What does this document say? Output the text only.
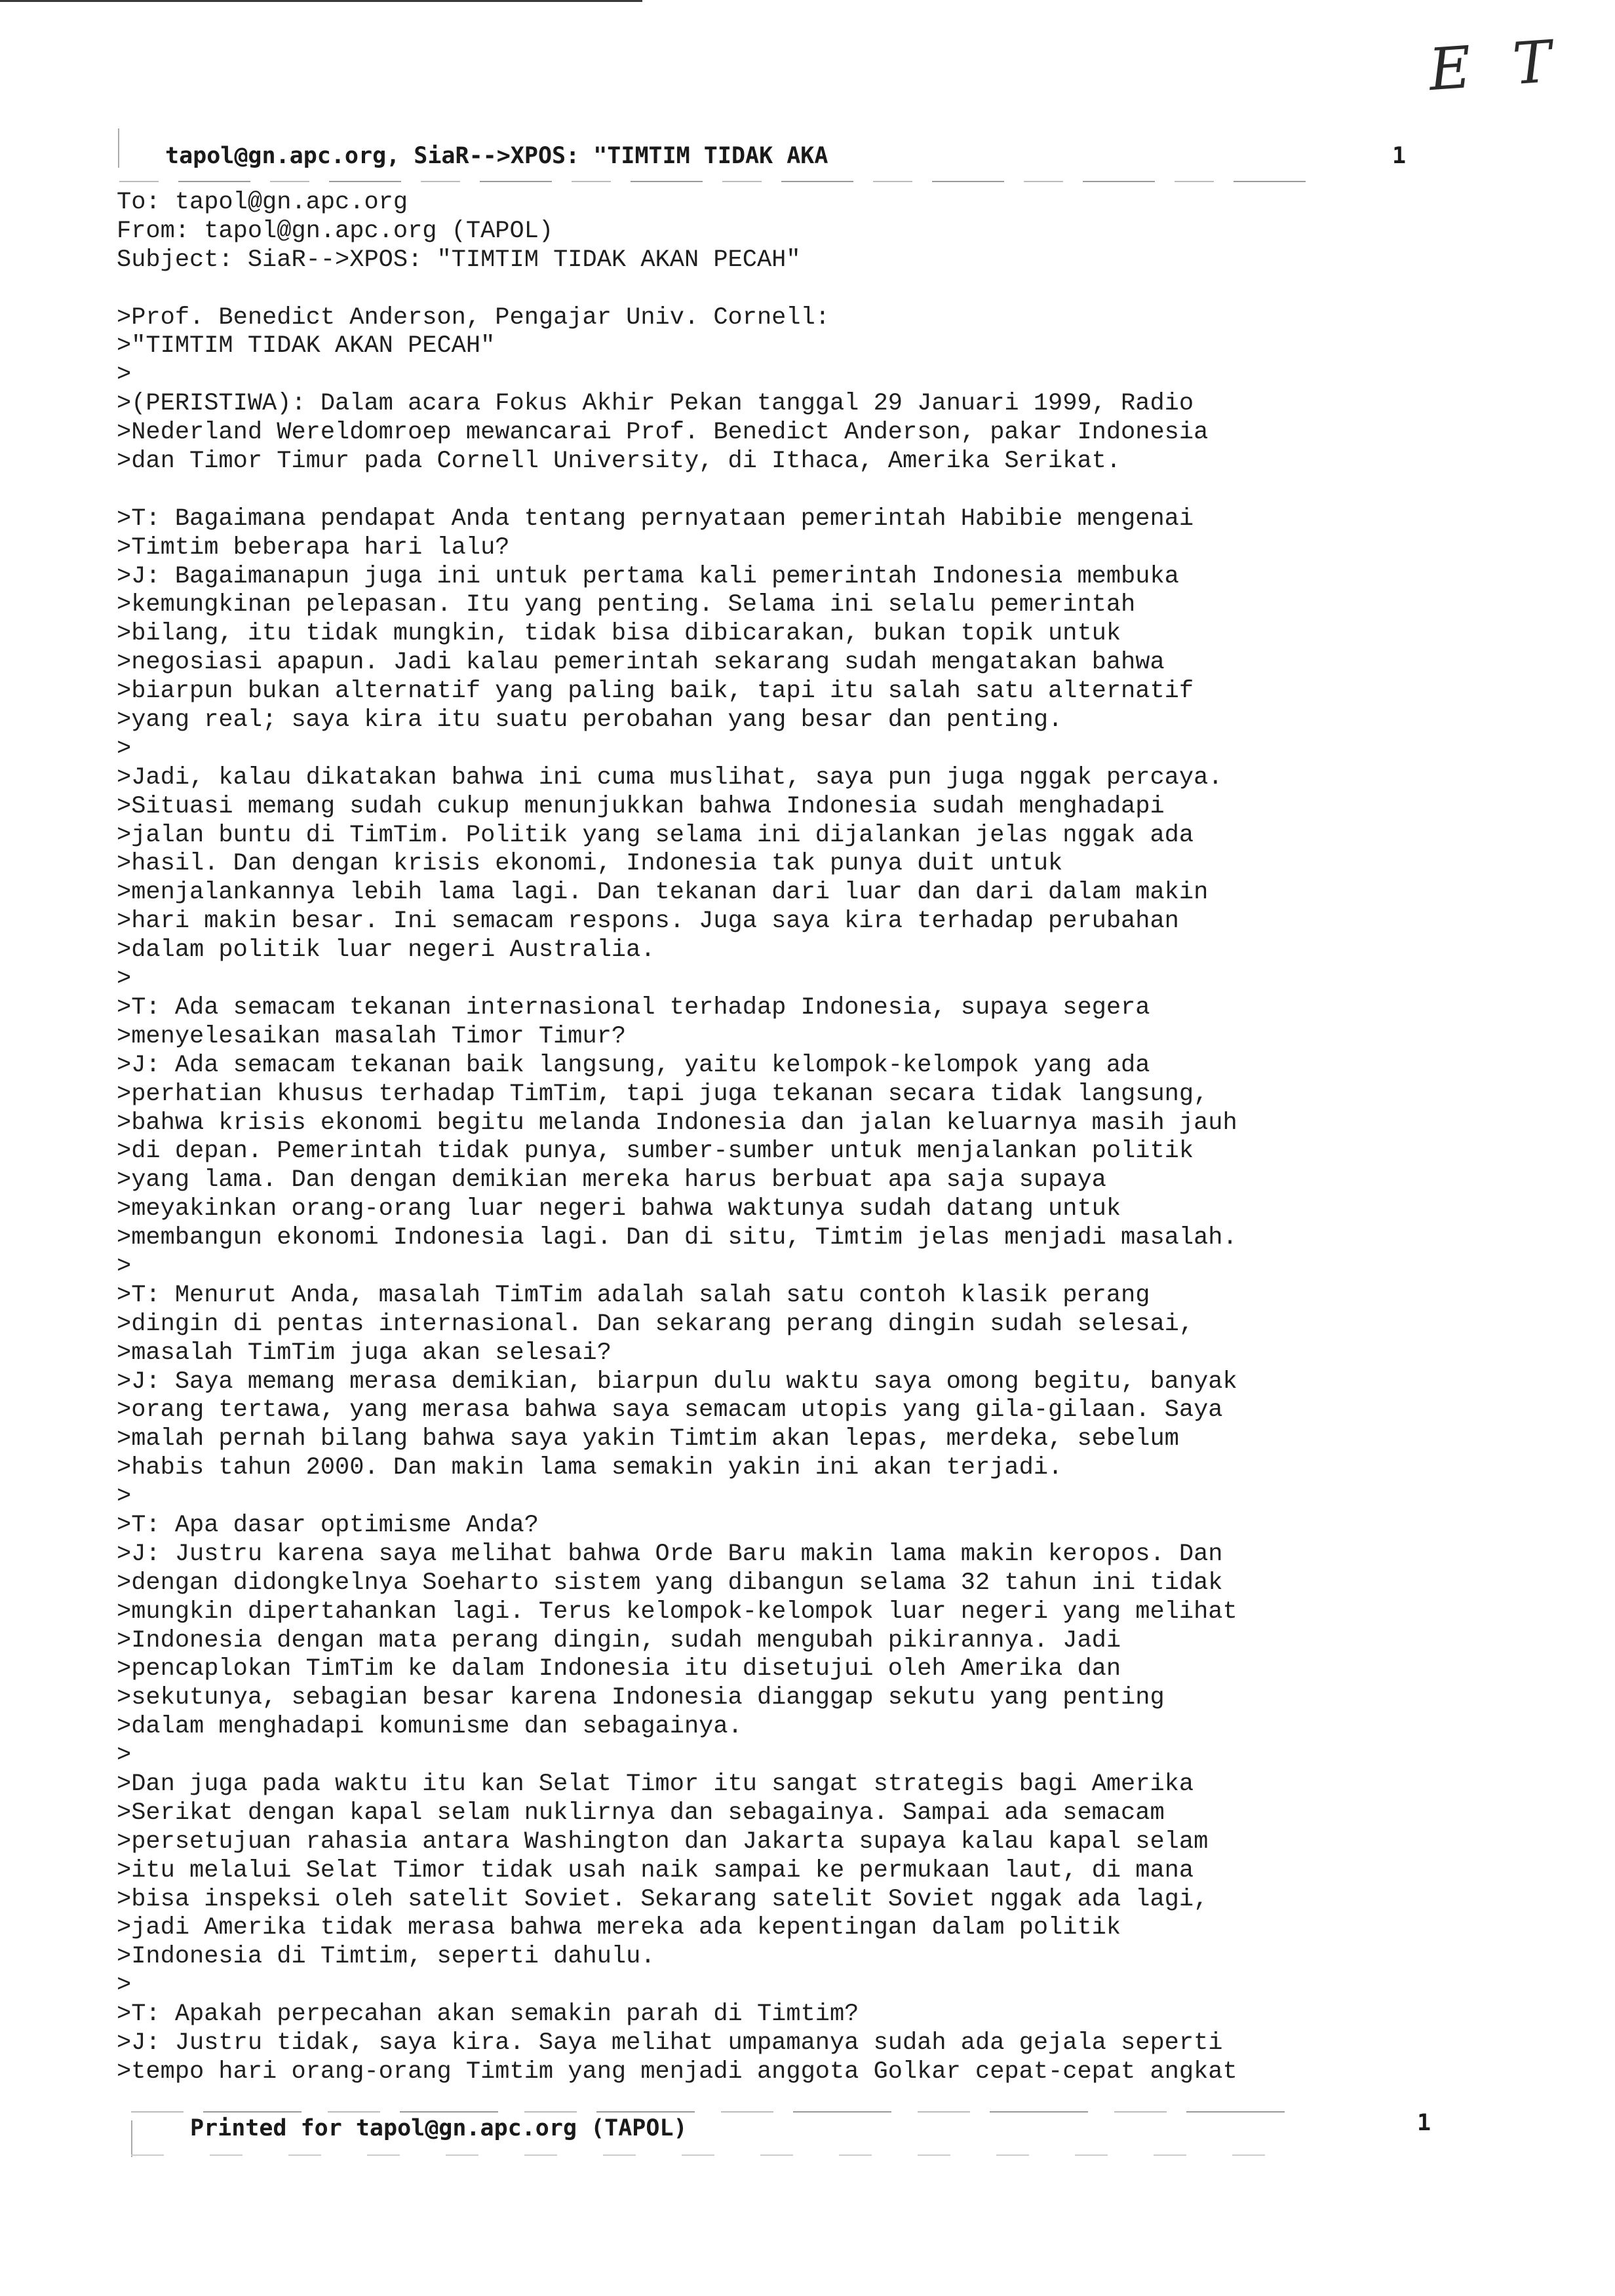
E T
tapol@gn.apc.org, SiaR-->XPOS: "TIMTIM TIDAK AKA	1
To: tapol@gn.apc.org
From: tapol@gn.apc.org (TAPOL)
Subject: SiaR-->XPOS: "TIMTIM TIDAK AKAN PECAH"
>Prof. Benedict Anderson, Pengajar Univ. Cornell:
>"TIMTIM TIDAK AKAN PECAH"
>
>(PERISTIWA): Dalam acara Fokus Akhir Pekan tanggal 29 Januari 1999, Radio
>Nederland Wereldomroep mewancarai Prof. Benedict Anderson, pakar Indonesia
>dan Timor Timur pada Cornell University, di Ithaca, Amerika Serikat.
>T: Bagaimana pendapat Anda tentang pernyataan pemerintah Habibie mengenai
>Timtim beberapa hari lalu?
>J: Bagaimanapun juga ini untuk pertama kali pemerintah Indonesia membuka
>kemungkinan pelepasan. Itu yang penting. Selama ini selalu pemerintah
>bilang, itu tidak mungkin, tidak bisa dibicarakan, bukan topik untuk
>negosiasi apapun. Jadi kalau pemerintah sekarang sudah mengatakan bahwa
>biarpun bukan alternatif yang paling baik, tapi itu salah satu alternatif
>yang real; saya kira itu suatu perobahan yang besar dan penting.
>
>Jadi, kalau dikatakan bahwa ini cuma muslihat, saya pun juga nggak percaya.
>Situasi memang sudah cukup menunjukkan bahwa Indonesia sudah menghadapi
>jalan buntu di TimTim. Politik yang selama ini dijalankan jelas nggak ada
>hasil. Dan dengan krisis ekonomi, Indonesia tak punya duit untuk
>menjalankannya lebih lama lagi. Dan tekanan dari luar dan dari dalam makin
>hari makin besar. Ini semacam respons. Juga saya kira terhadap perubahan
>dalam politik luar negeri Australia.
>
>T: Ada semacam tekanan internasional terhadap Indonesia, supaya segera
>menyelesaikan masalah Timor Timur?
>J: Ada semacam tekanan baik langsung, yaitu kelompok-kelompok yang ada
>perhatian khusus terhadap TimTim, tapi juga tekanan secara tidak langsung,
>bahwa krisis ekonomi begitu melanda Indonesia dan jalan keluarnya masih jauh
>di depan. Pemerintah tidak punya, sumber-sumber untuk menjalankan politik
>yang lama. Dan dengan demikian mereka harus berbuat apa saja supaya
>meyakinkan orang-orang luar negeri bahwa waktunya sudah datang untuk
>membangun ekonomi Indonesia lagi. Dan di situ, Timtim jelas menjadi masalah.
>
>T: Menurut Anda, masalah TimTim adalah salah satu contoh klasik perang
>dingin di pentas internasional. Dan sekarang perang dingin sudah selesai,
>masalah TimTim juga akan selesai?
>J: Saya memang merasa demikian, biarpun dulu waktu saya omong begitu, banyak
>orang tertawa, yang merasa bahwa saya semacam utopis yang gila-gilaan. Saya
>malah pernah bilang bahwa saya yakin Timtim akan lepas, merdeka, sebelum
>habis tahun 2000. Dan makin lama semakin yakin ini akan terjadi.
>
>T: Apa dasar optimisme Anda?
>J: Justru karena saya melihat bahwa Orde Baru makin lama makin keropos. Dan
>dengan didongkelnya Soeharto sistem yang dibangun selama 32 tahun ini tidak
>mungkin dipertahankan lagi. Terus kelompok-kelompok luar negeri yang melihat
>Indonesia dengan mata perang dingin, sudah mengubah pikirannya. Jadi
>pencaplokan TimTim ke dalam Indonesia itu disetujui oleh Amerika dan
>sekutunya, sebagian besar karena Indonesia dianggap sekutu yang penting
>dalam menghadapi komunisme dan sebagainya.
>
>Dan juga pada waktu itu kan Selat Timor itu sangat strategis bagi Amerika
>Serikat dengan kapal selam nuklirnya dan sebagainya. Sampai ada semacam
>persetujuan rahasia antara Washington dan Jakarta supaya kalau kapal selam
>itu melalui Selat Timor tidak usah naik sampai ke permukaan laut, di mana
>bisa inspeksi oleh satelit Soviet. Sekarang satelit Soviet nggak ada lagi,
>jadi Amerika tidak merasa bahwa mereka ada kepentingan dalam politik
>Indonesia di Timtim, seperti dahulu.
>
>T: Apakah perpecahan akan semakin parah di Timtim?
>J: Justru tidak, saya kira. Saya melihat umpamanya sudah ada gejala seperti
>tempo hari orang-orang Timtim yang menjadi anggota Golkar cepat-cepat angkat
Printed for tapol@gn.apc.org (TAPOL)	1
